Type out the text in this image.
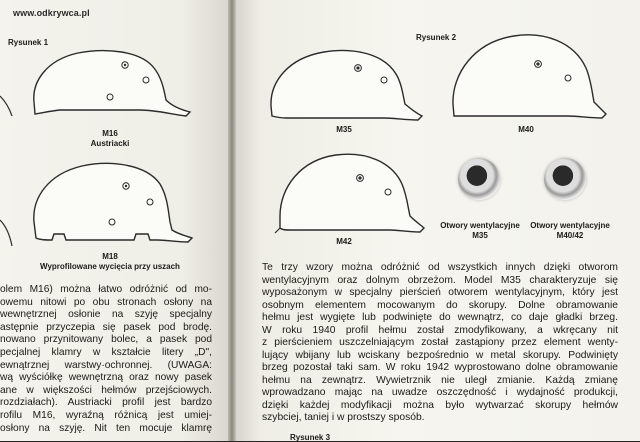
www.odkrywca.pl
Rysunek 1
M16
Austriacki
M18
Wyprofilowane wycięcia przy uszach
olem M16) można łatwo odróżnić od mo-
owemu nitowi po obu stronach osłony na
wewnętrznej osłonie na szyję specjalny
astępnie przyczepia się pasek pod brodę.
nowano przynitowany bolec, a pasek pod
pecjalnej klamry w kształcie litery „D",
ewnątrznej warstwy·ochronnej. (UWAGA:
wą wyściółkę wewnętrzną oraz nowy pasek
ane w większości hełmów przejściowych.
rozdziałach). Austriacki profil jest bardzo
rofilu M16, wyraźną różnicą jest umiej-
osłony na szyję. Nit ten mocuje klamrę
Rysunek 2
M35	M40
M42
Otwory wentylacyjne
M35
Otwory wentylacyjne
M40/42
Te trzy wzory można odróżnić od wszystkich innych dzięki otworom
wentylacyjnym oraz dolnym obrzeżom. Model M35 charakteryzuje się
wyposażonym w specjalny pierścień otworem wentylacyjnym, który jest
osobnym elementem mocowanym do skorupy. Dolne obramowanie
hełmu jest wygięte lub podwinięte do wewnątrz, co daje gładki brzeg.
W roku 1940 profil hełmu został zmodyfikowany, a wkręcany nit
z pierścieniem uszczelniającym został zastąpiony przez element wenty-
lujący wbijany lub wciskany bezpośrednio w metal skorupy. Podwinięty
brzeg pozostał taki sam. W roku 1942 wyprostowano dolne obramowanie
hełmu na zewnątrz. Wywietrznik nie uległ zmianie. Każdą zmianę
wprowadzano mając na uwadze oszczędność i wydajność produkcji,
dzięki każdej modyfikacji można było wytwarzać skorupy hełmów
szybciej, taniej i w prostszy sposób.
Rysunek 3
